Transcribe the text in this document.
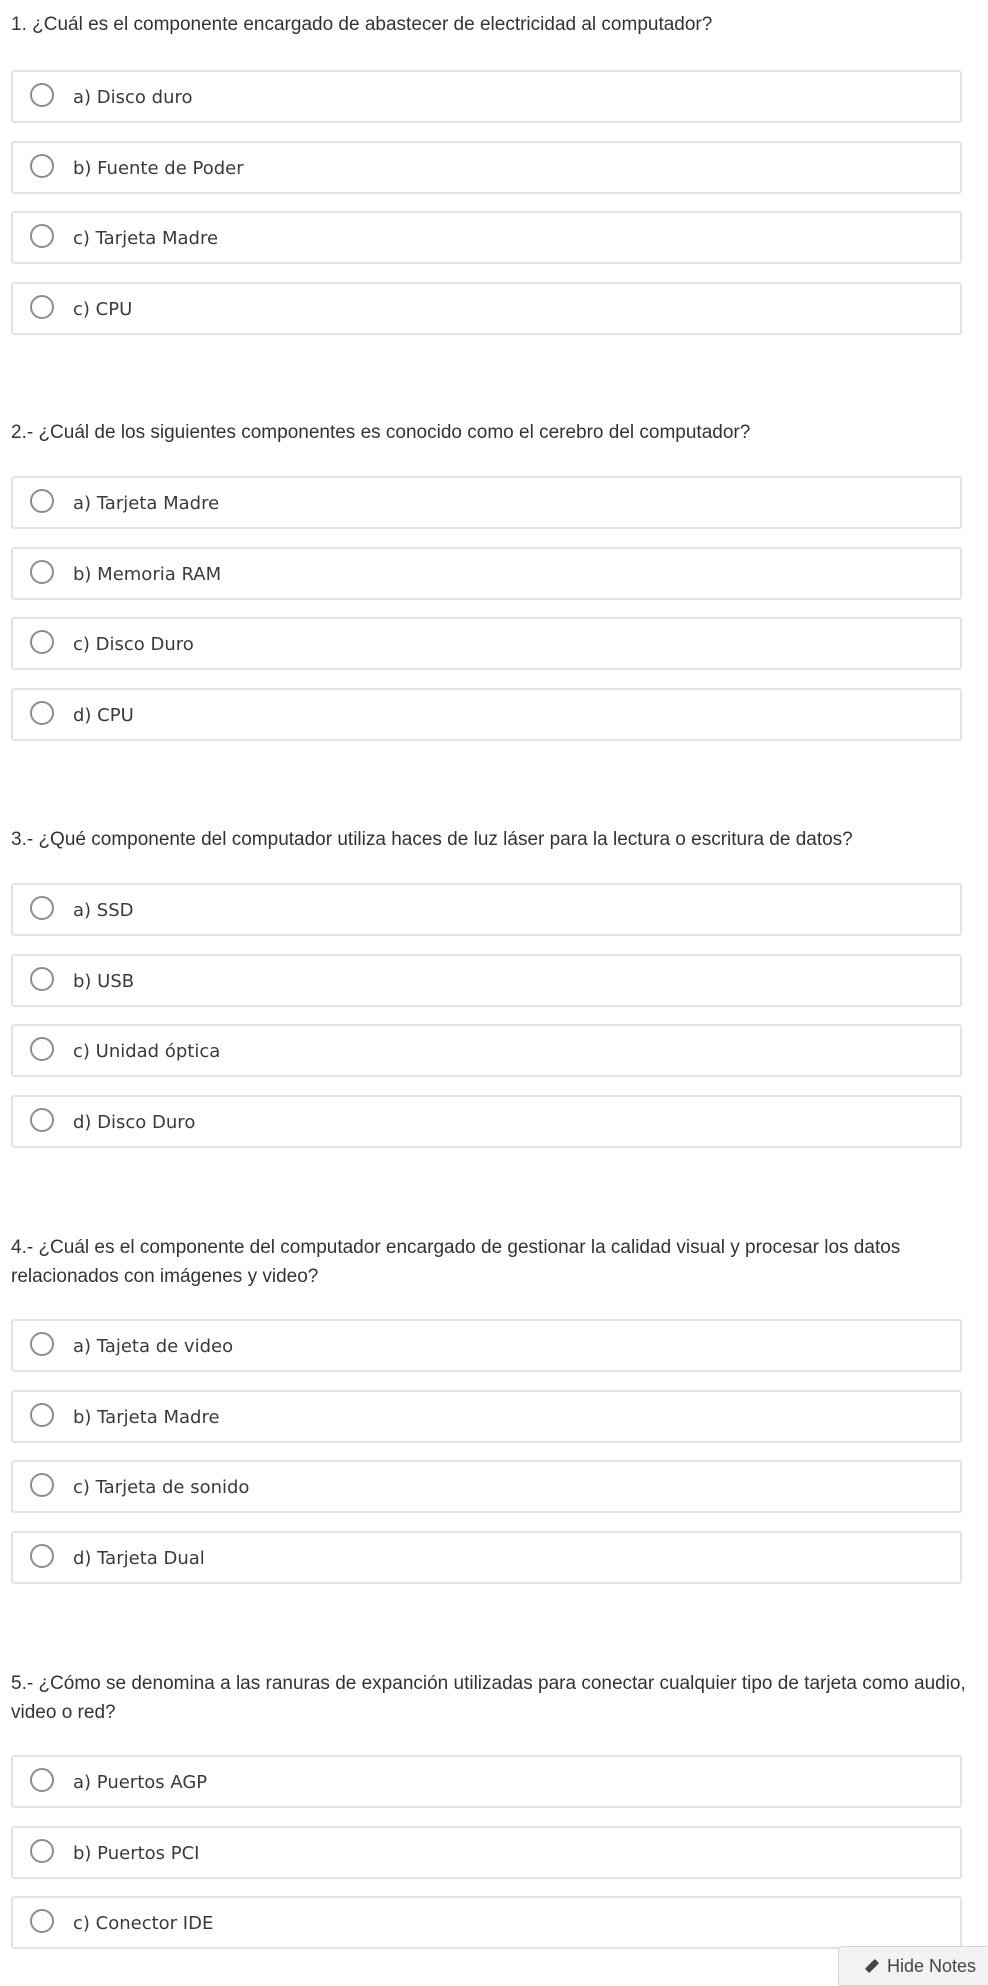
1. ¿Cuál es el componente encargado de abastecer de electricidad al computador?

a) Disco duro
b) Fuente de Poder
c) Tarjeta Madre
c) CPU

2.- ¿Cuál de los siguientes componentes es conocido como el cerebro del computador?

a) Tarjeta Madre
b) Memoria RAM
c) Disco Duro
d) CPU

3.- ¿Qué componente del computador utiliza haces de luz láser para la lectura o escritura de datos?

a) SSD
b) USB
c) Unidad óptica
d) Disco Duro

4.- ¿Cuál es el componente del computador encargado de gestionar la calidad visual y procesar los datos relacionados con imágenes y video?

a) Tajeta de video
b) Tarjeta Madre
c) Tarjeta de sonido
d) Tarjeta Dual

5.- ¿Cómo se denomina a las ranuras de expanción utilizadas para conectar cualquier tipo de tarjeta como audio, video o red?

a) Puertos AGP
b) Puertos PCI
c) Conector IDE
Hide Notes
